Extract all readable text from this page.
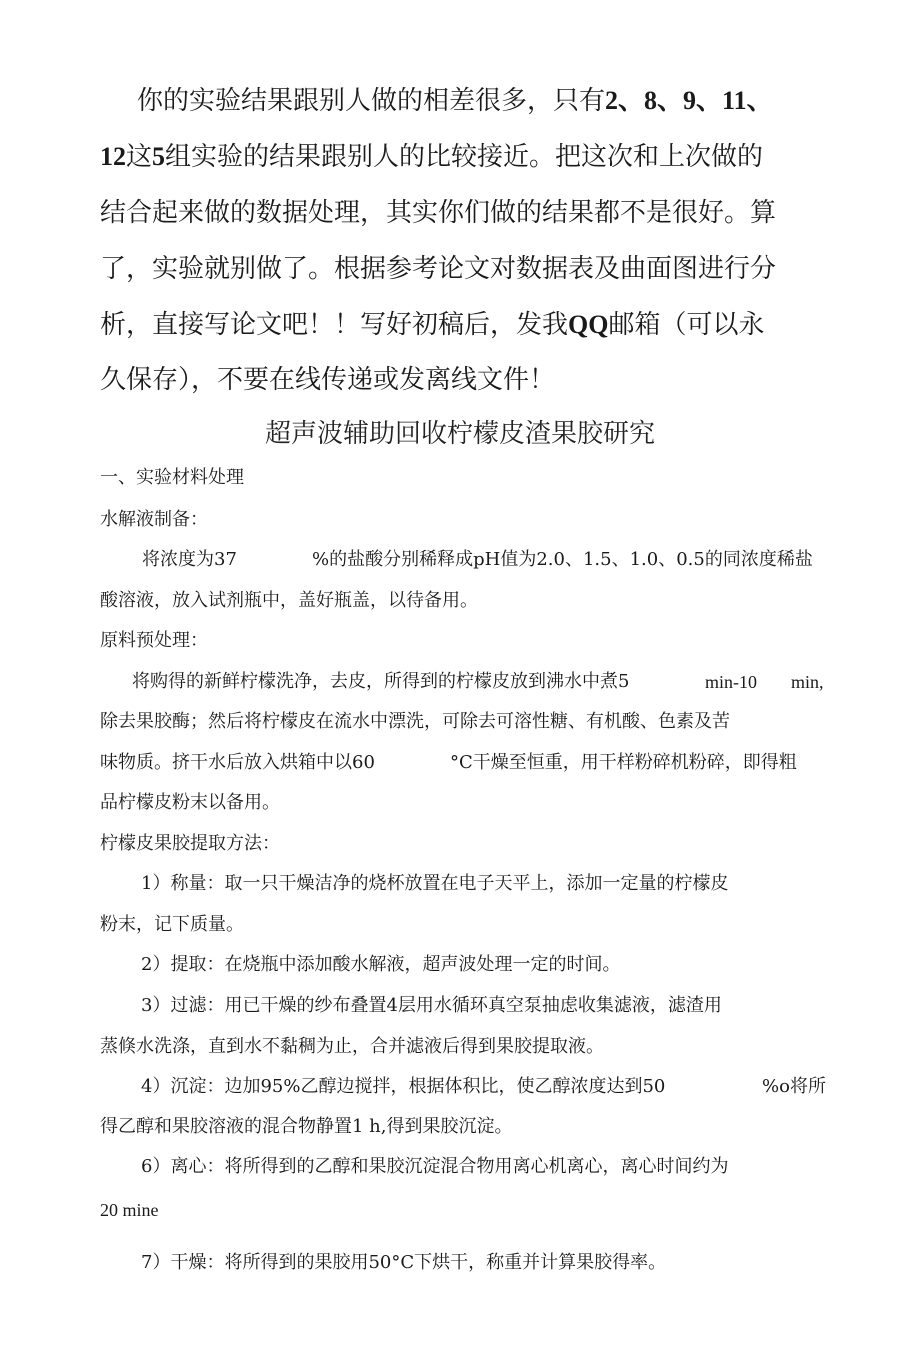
你的实验结果跟别人做的相差很多，只有2、8、9、11、
12这5组实验的结果跟别人的比较接近。把这次和上次做的
结合起来做的数据处理，其实你们做的结果都不是很好。算
了，实验就别做了。根据参考论文对数据表及曲面图进行分
析，直接写论文吧！！写好初稿后，发我QQ邮箱（可以永
久保存），不要在线传递或发离线文件！
超声波辅助回收柠檬皮渣果胶研究
一、实验材料处理
水解液制备：
将浓度为37	%的盐酸分别稀释成pH值为2.0、1.5、1.0、0.5的同浓度稀盐
酸溶液，放入试剂瓶中，盖好瓶盖，以待备用。
原料预处理：
将购得的新鲜柠檬洗净，去皮，所得到的柠檬皮放到沸水中煮5	min-10 min,
除去果胶酶；然后将柠檬皮在流水中漂洗，可除去可溶性糖、有机酸、色素及苦
味物质。挤干水后放入烘箱中以60	°C干燥至恒重，用干样粉碎机粉碎，即得粗
品柠檬皮粉末以备用。
柠檬皮果胶提取方法：
1）称量：取一只干燥洁净的烧杯放置在电子天平上，添加一定量的柠檬皮
粉末，记下质量。
2）提取：在烧瓶中添加酸水解液，超声波处理一定的时间。
3）过滤：用已干燥的纱布叠置4层用水循环真空泵抽虑收集滤液，滤渣用
蒸倏水洗涤，直到水不黏稠为止，合并滤液后得到果胶提取液。
4）沉淀：边加95%乙醇边搅拌，根据体积比，使乙醇浓度达到50	%o将所
得乙醇和果胶溶液的混合物静置1 h,得到果胶沉淀。
6）离心：将所得到的乙醇和果胶沉淀混合物用离心机离心，离心时间约为
20 mine
7）干燥：将所得到的果胶用50°C下烘干，称重并计算果胶得率。
